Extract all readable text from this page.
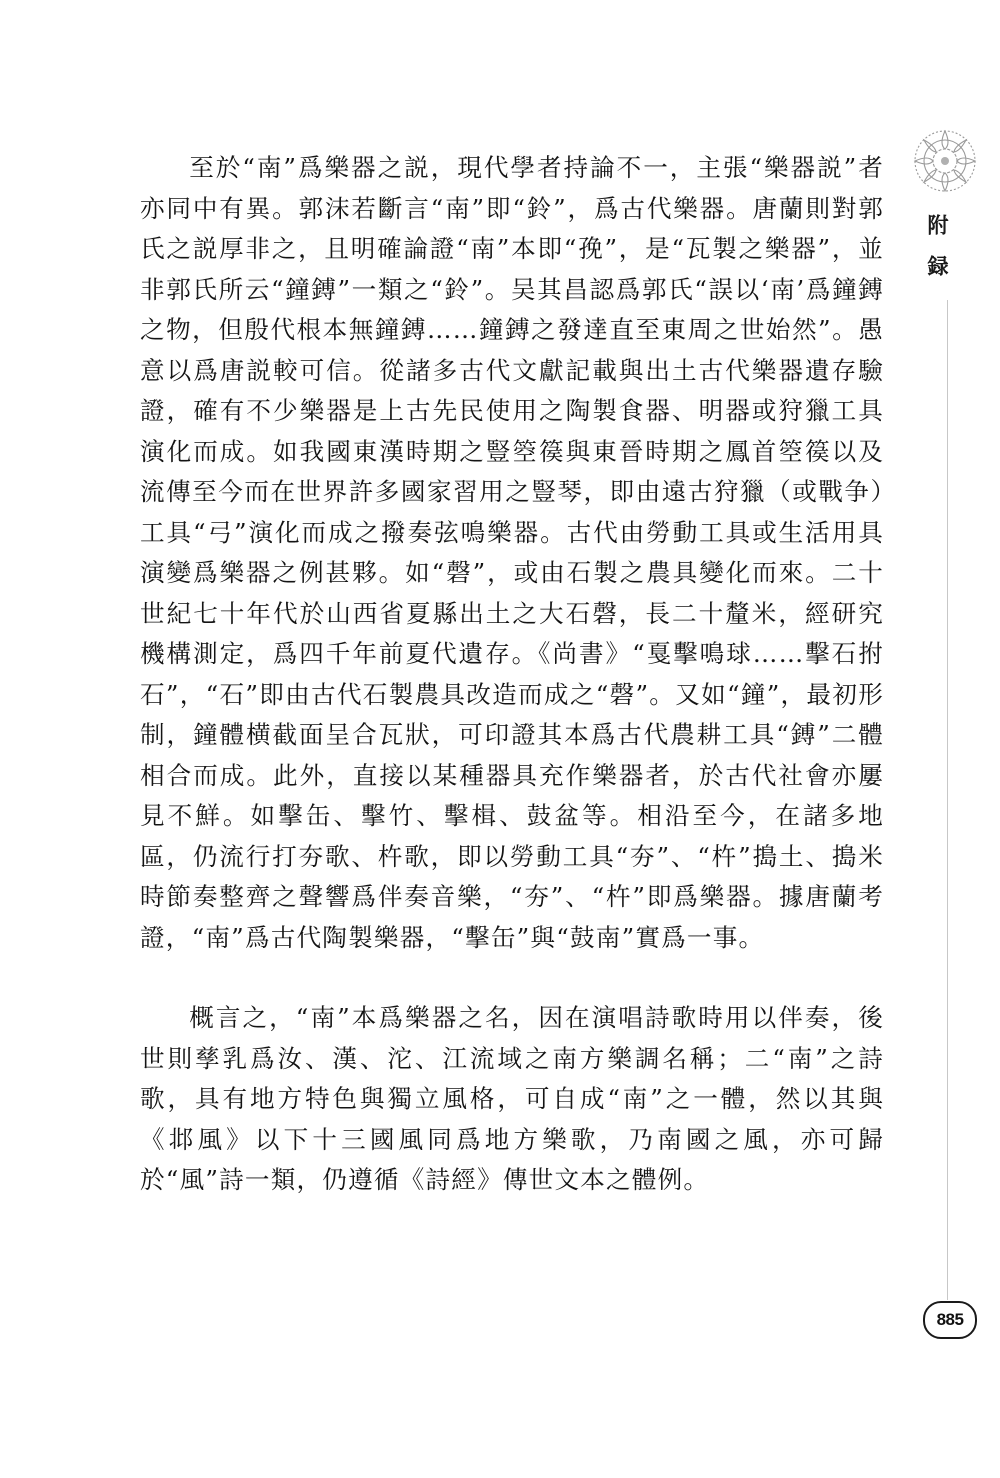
至於“南”爲樂器之説，現代學者持論不一，主張“樂器説”者亦同中有異。郭沫若斷言“南”即“鈴”，爲古代樂器。唐蘭則對郭氏之説厚非之，且明確論證“南”本即“㝃”，是“瓦製之樂器”，並非郭氏所云“鐘鎛”一類之“鈴”。吴其昌認爲郭氏“誤以‘南’爲鐘鎛之物，但殷代根本無鐘鎛……鐘鎛之發達直至東周之世始然”。愚意以爲唐説較可信。從諸多古代文獻記載與出土古代樂器遺存驗證，確有不少樂器是上古先民使用之陶製食器、明器或狩獵工具演化而成。如我國東漢時期之豎箜篌與東晉時期之鳳首箜篌以及流傳至今而在世界許多國家習用之豎琴，即由遠古狩獵（或戰争）工具“弓”演化而成之撥奏弦鳴樂器。古代由勞動工具或生活用具演變爲樂器之例甚夥。如“磬”，或由石製之農具變化而來。二十世紀七十年代於山西省夏縣出土之大石磬，長二十釐米，經研究機構測定，爲四千年前夏代遺存。《尚書》“戛擊鳴球……擊石拊石”，“石”即由古代石製農具改造而成之“磬”。又如“鐘”，最初形制，鐘體横截面呈合瓦狀，可印證其本爲古代農耕工具“鎛”二體相合而成。此外，直接以某種器具充作樂器者，於古代社會亦屢見不鮮。如擊缶、擊竹、擊楫、鼓盆等。相沿至今，在諸多地區，仍流行打夯歌、杵歌，即以勞動工具“夯”、“杵”搗土、搗米時節奏整齊之聲響爲伴奏音樂，“夯”、“杵”即爲樂器。據唐蘭考證，“南”爲古代陶製樂器，“擊缶”與“鼓南”實爲一事。

概言之，“南”本爲樂器之名，因在演唱詩歌時用以伴奏，後世則孳乳爲汝、漢、沱、江流域之南方樂調名稱；二“南”之詩歌，具有地方特色與獨立風格，可自成“南”之一體，然以其與《邶風》以下十三國風同爲地方樂歌，乃南國之風，亦可歸於“風”詩一類，仍遵循《詩經》傳世文本之體例。

附録
885
